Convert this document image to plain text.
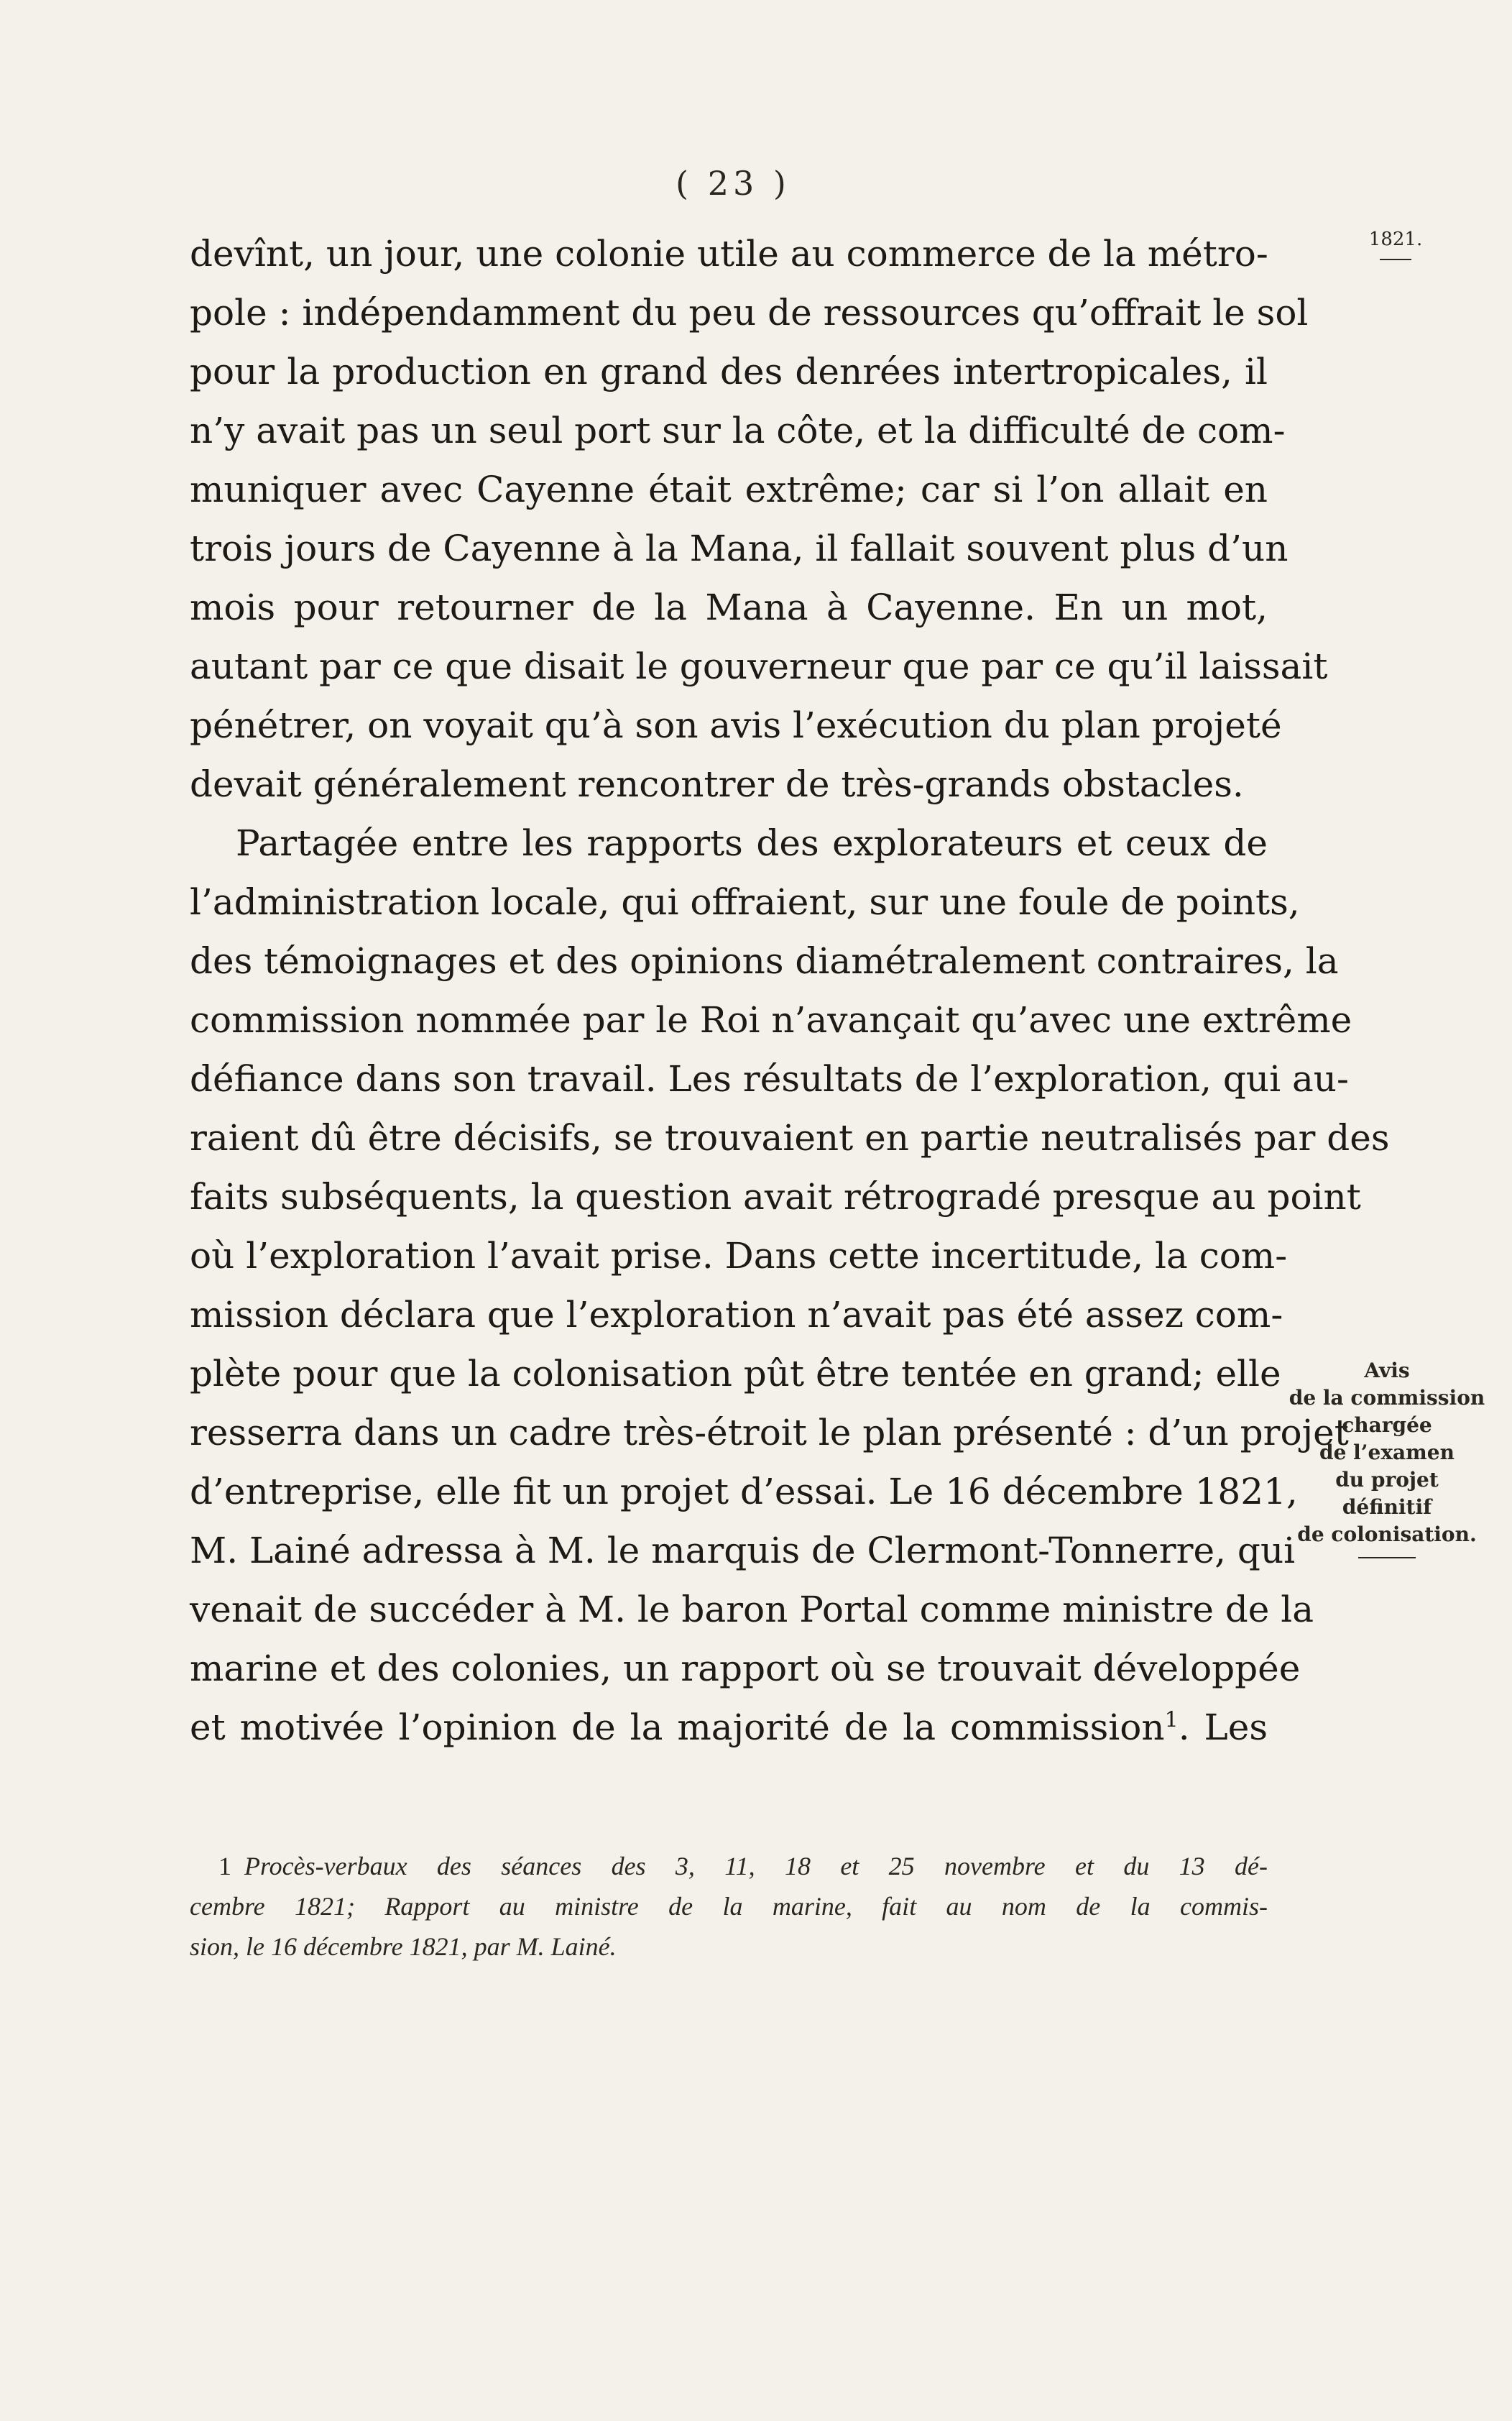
( 23 )
1821.
devînt, un jour, une colonie utile au commerce de la métro-
pole : indépendamment du peu de ressources qu’offrait le sol
pour la production en grand des denrées intertropicales, il
n’y avait pas un seul port sur la côte, et la difficulté de com-
muniquer avec Cayenne était extrême; car si l’on allait en
trois jours de Cayenne à la Mana, il fallait souvent plus d’un
mois pour retourner de la Mana à Cayenne. En un mot,
autant par ce que disait le gouverneur que par ce qu’il laissait
pénétrer, on voyait qu’à son avis l’exécution du plan projeté
devait généralement rencontrer de très-grands obstacles.
Partagée entre les rapports des explorateurs et ceux de
l’administration locale, qui offraient, sur une foule de points,
des témoignages et des opinions diamétralement contraires, la
commission nommée par le Roi n’avançait qu’avec une extrême
défiance dans son travail. Les résultats de l’exploration, qui au-
raient dû être décisifs, se trouvaient en partie neutralisés par des
faits subséquents, la question avait rétrogradé presque au point
où l’exploration l’avait prise. Dans cette incertitude, la com-
mission déclara que l’exploration n’avait pas été assez com-
plète pour que la colonisation pût être tentée en grand; elle
resserra dans un cadre très-étroit le plan présenté : d’un projet
d’entreprise, elle fit un projet d’essai. Le 16 décembre 1821,
M. Lainé adressa à M. le marquis de Clermont-Tonnerre, qui
venait de succéder à M. le baron Portal comme ministre de la
marine et des colonies, un rapport où se trouvait développée
et motivée l’opinion de la majorité de la commission$^1$. Les
Avis
de la commission
chargée
de l’examen
du projet
définitif
de colonisation.
1 Procès-verbaux des séances des 3, 11, 18 et 25 novembre et du 13 dé-
cembre 1821; Rapport au ministre de la marine, fait au nom de la commis-
sion, le 16 décembre 1821, par M. Lainé.
